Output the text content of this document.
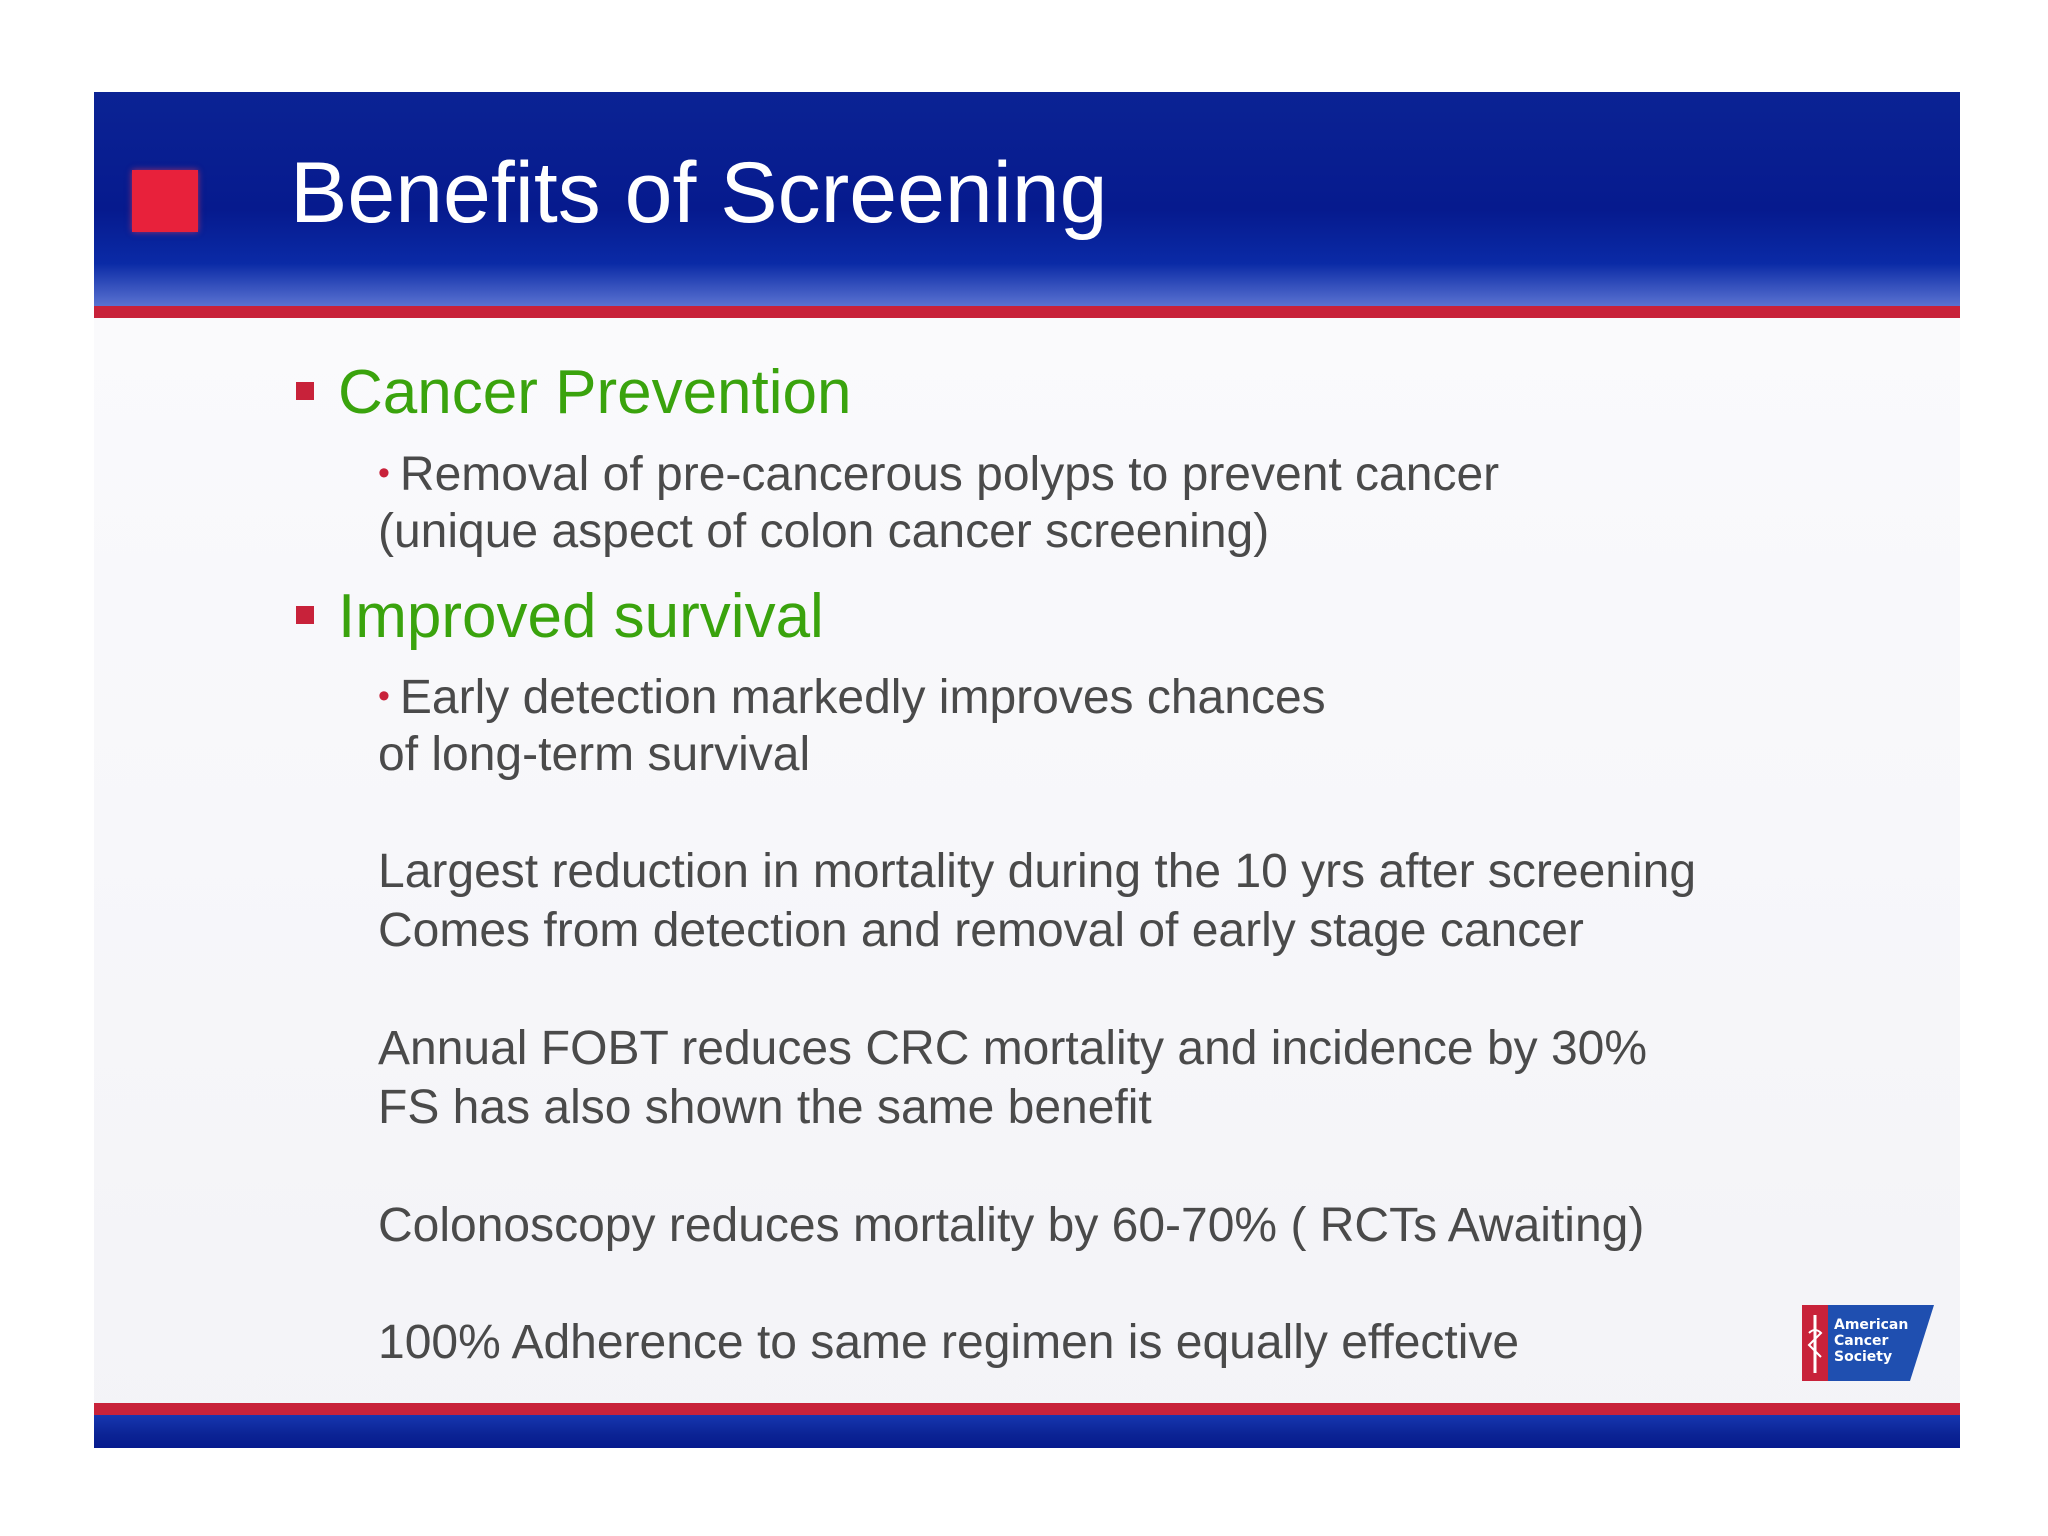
Benefits of Screening
Cancer Prevention
• Removal of pre-cancerous polyps to prevent cancer
(unique aspect of colon cancer screening)
Improved survival
• Early detection markedly improves chances
of long-term survival
Largest reduction in mortality during the 10 yrs after screening
Comes from detection and removal of early stage cancer
Annual FOBT reduces CRC mortality and incidence by 30%
FS has also shown the same benefit
Colonoscopy reduces mortality by 60-70% ( RCTs Awaiting)
100% Adherence to same regimen is equally effective	American
Cancer
Society
